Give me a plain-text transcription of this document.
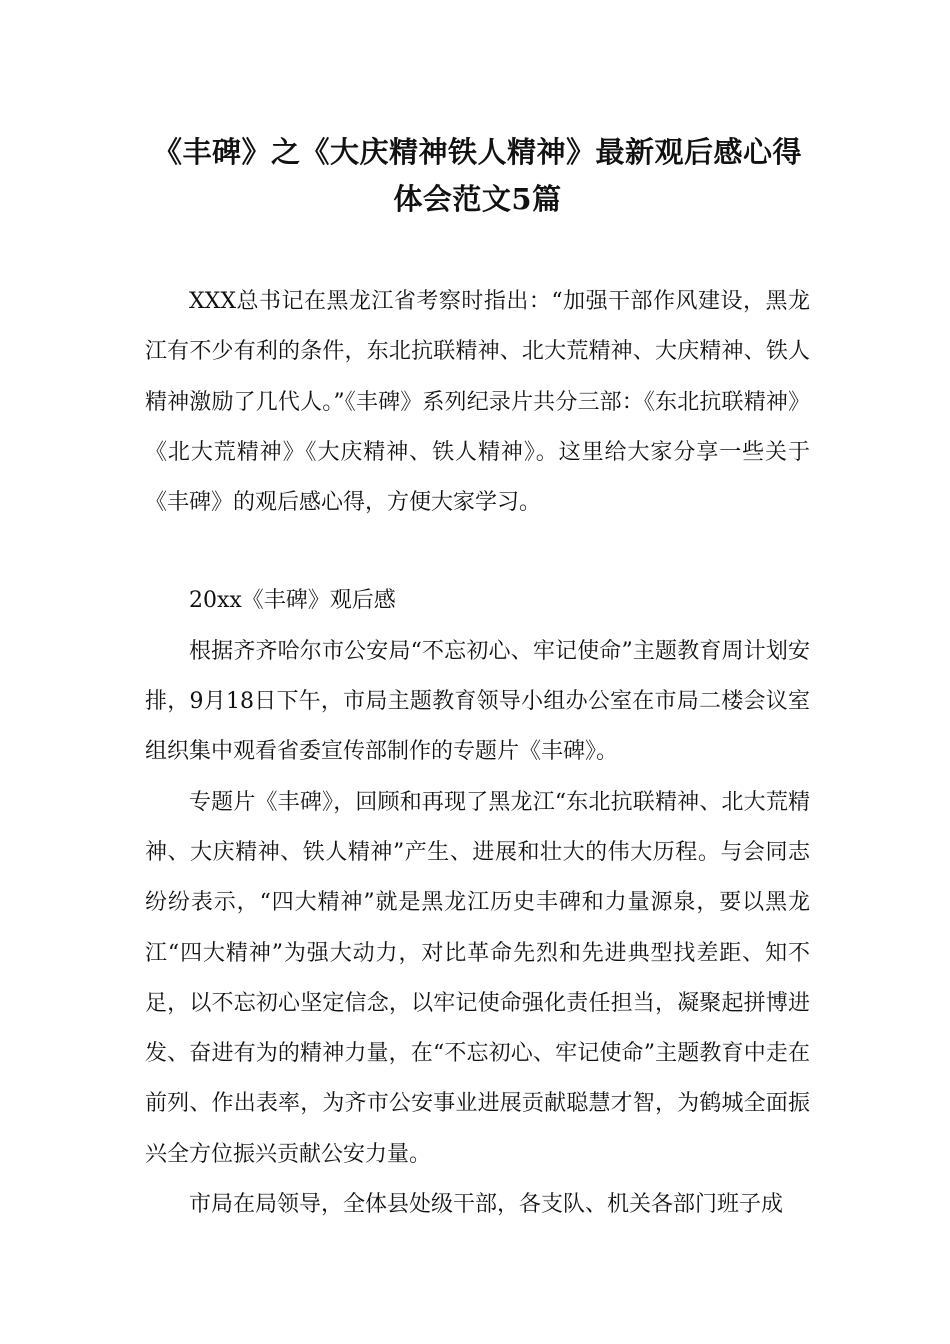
《丰碑》之《大庆精神铁人精神》最新观后感心得体会范文5篇

XXX总书记在黑龙江省考察时指出：“加强干部作风建设，黑龙江有不少有利的条件，东北抗联精神、北大荒精神、大庆精神、铁人精神激励了几代人。”《丰碑》系列纪录片共分三部：《东北抗联精神》《北大荒精神》《大庆精神、铁人精神》。这里给大家分享一些关于《丰碑》的观后感心得，方便大家学习。

20xx《丰碑》观后感

根据齐齐哈尔市公安局“不忘初心、牢记使命”主题教育周计划安排，9月18日下午，市局主题教育领导小组办公室在市局二楼会议室组织集中观看省委宣传部制作的专题片《丰碑》。

专题片《丰碑》，回顾和再现了黑龙江“东北抗联精神、北大荒精神、大庆精神、铁人精神”产生、进展和壮大的伟大历程。与会同志纷纷表示，“四大精神”就是黑龙江历史丰碑和力量源泉，要以黑龙江“四大精神”为强大动力，对比革命先烈和先进典型找差距、知不足，以不忘初心坚定信念，以牢记使命强化责任担当，凝聚起拼博进发、奋进有为的精神力量，在“不忘初心、牢记使命”主题教育中走在前列、作出表率，为齐市公安事业进展贡献聪慧才智，为鹤城全面振兴全方位振兴贡献公安力量。

市局在局领导，全体县处级干部，各支队、机关各部门班子成
